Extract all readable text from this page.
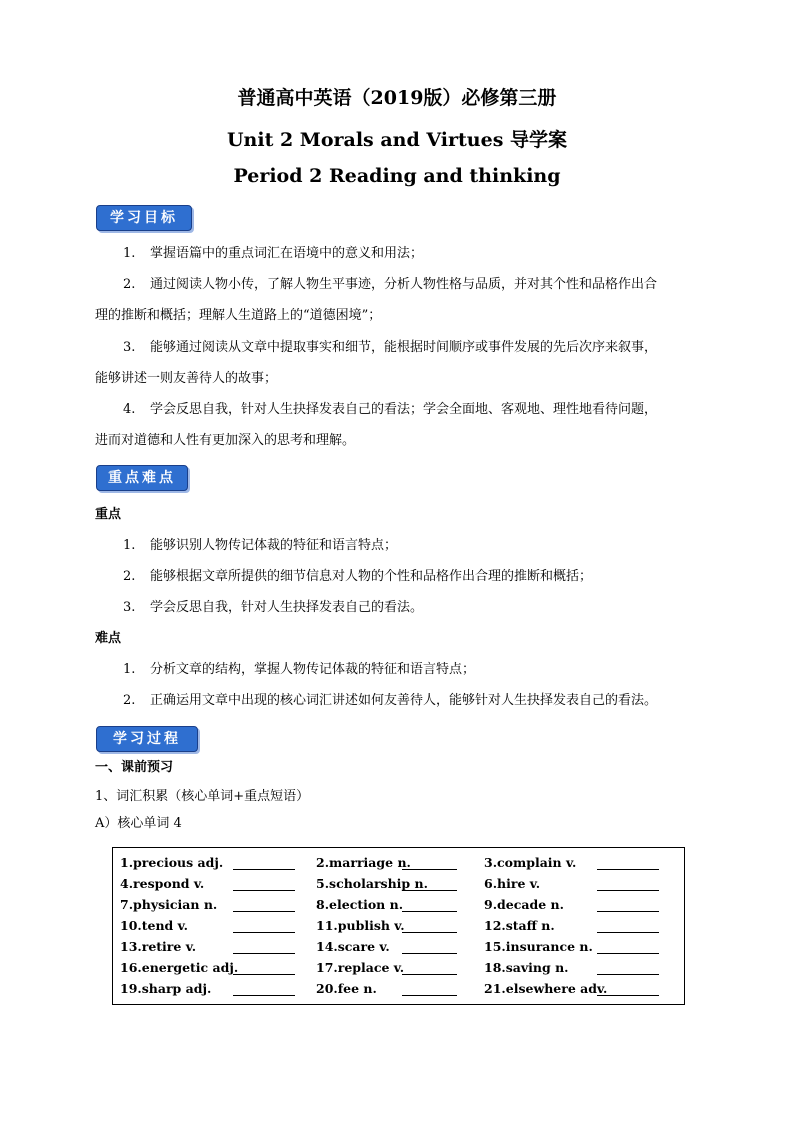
普通高中英语（2019版）必修第三册
Unit 2 Morals and Virtues 导学案
Period 2 Reading and thinking
学习目标
1. 掌握语篇中的重点词汇在语境中的意义和用法；
2. 通过阅读人物小传，了解人物生平事迹，分析人物性格与品质，并对其个性和品格作出合
理的推断和概括；理解人生道路上的“道德困境”；
3. 能够通过阅读从文章中提取事实和细节，能根据时间顺序或事件发展的先后次序来叙事，
能够讲述一则友善待人的故事；
4. 学会反思自我，针对人生抉择发表自己的看法；学会全面地、客观地、理性地看待问题，
进而对道德和人性有更加深入的思考和理解。
重点难点
重点
1. 能够识别人物传记体裁的特征和语言特点；
2. 能够根据文章所提供的细节信息对人物的个性和品格作出合理的推断和概括；
3. 学会反思自我，针对人生抉择发表自己的看法。
难点
1. 分析文章的结构，掌握人物传记体裁的特征和语言特点；
2. 正确运用文章中出现的核心词汇讲述如何友善待人，能够针对人生抉择发表自己的看法。
学习过程
一、课前预习
1、词汇积累（核心单词+重点短语）
A）核心单词 4
1.precious adj.	2.marriage n.	3.complain v.
4.respond v.	5.scholarship n.	6.hire v.
7.physician n.	8.election n.	9.decade n.
10.tend v.	11.publish v.	12.staff n.
13.retire v.	14.scare v.	15.insurance n.
16.energetic adj.	17.replace v.	18.saving n.
19.sharp adj.	20.fee n.	21.elsewhere adv.
